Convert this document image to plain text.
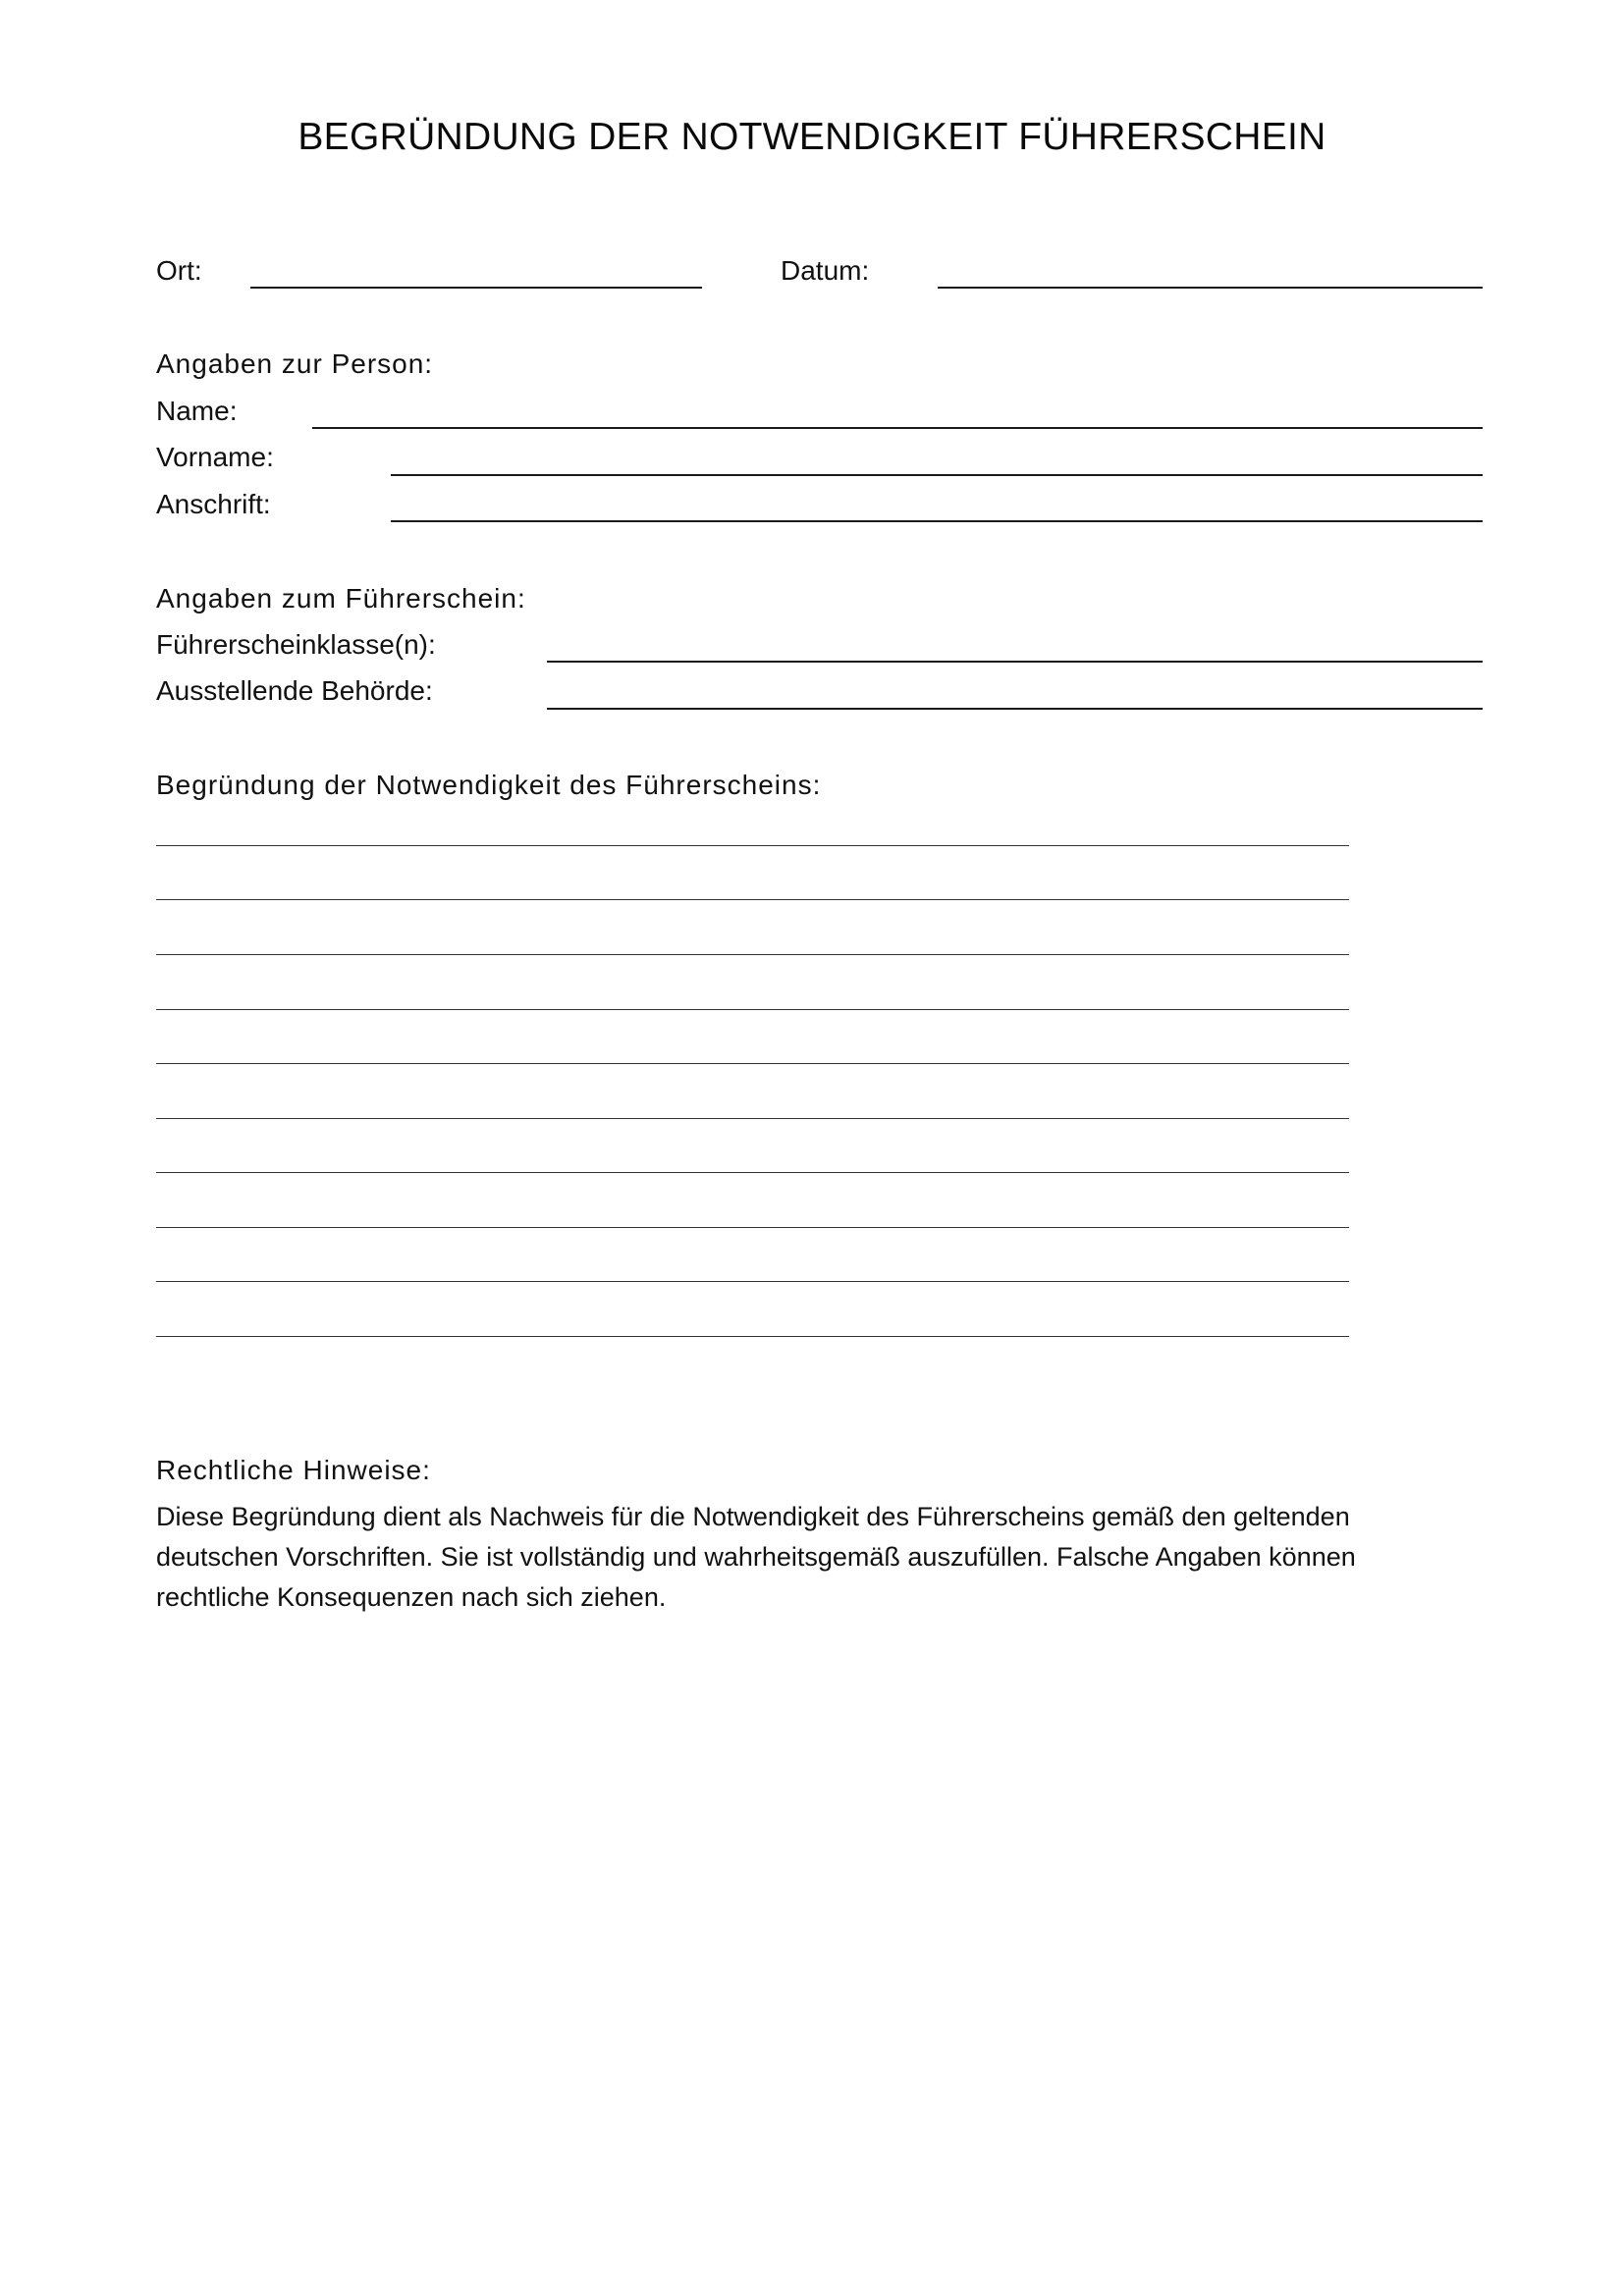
BEGRÜNDUNG DER NOTWENDIGKEIT FÜHRERSCHEIN
Ort:	Datum:
Angaben zur Person:
Name:
Vorname:
Anschrift:
Angaben zum Führerschein:
Führerscheinklasse(n):
Ausstellende Behörde:
Begründung der Notwendigkeit des Führerscheins:
Rechtliche Hinweise:
Diese Begründung dient als Nachweis für die Notwendigkeit des Führerscheins gemäß den geltenden deutschen Vorschriften. Sie ist vollständig und wahrheitsgemäß auszufüllen. Falsche Angaben können rechtliche Konsequenzen nach sich ziehen.
